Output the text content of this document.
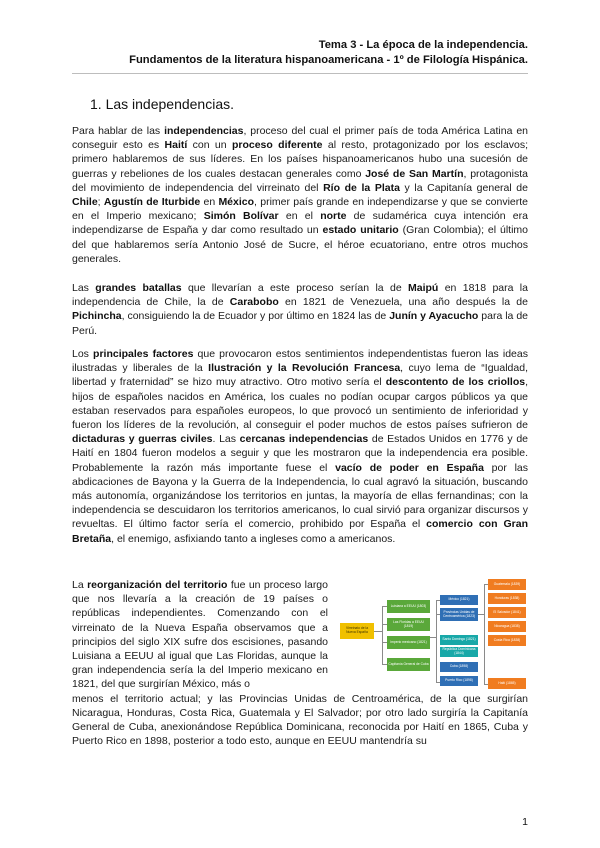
Tema 3 - La época de la independencia.
Fundamentos de la literatura hispanoamericana - 1º de Filología Hispánica.
1. Las independencias.

Para hablar de las independencias, proceso del cual el primer país de toda América Latina en conseguir esto es Haití con un proceso diferente al resto, protagonizado por los esclavos; primero hablaremos de sus líderes. En los países hispanoamericanos hubo una sucesión de guerras y rebeliones de los cuales destacan generales como José de San Martín, protagonista del movimiento de independencia del virreinato del Río de la Plata y la Capitanía general de Chile; Agustín de Iturbide en México, primer país grande en independizarse y que se convierte en el Imperio mexicano; Simón Bolívar en el norte de sudamérica cuya intención era independizarse de España y dar como resultado un estado unitario (Gran Colombia); el último del que hablaremos sería Antonio José de Sucre, el héroe ecuatoriano, entre otros muchos generales.

Las grandes batallas que llevarían a este proceso serían la de Maipú en 1818 para la independencia de Chile, la de Carabobo en 1821 de Venezuela, una año después la de Pichincha, consiguiendo la de Ecuador y por último en 1824 las de Junín y Ayacucho para la de Perú.

Los principales factores que provocaron estos sentimientos independentistas fueron las ideas ilustradas y liberales de la Ilustración y la Revolución Francesa, cuyo lema de “Igualdad, libertad y fraternidad” se hizo muy atractivo. Otro motivo sería el descontento de los criollos, hijos de españoles nacidos en América, los cuales no podían ocupar cargos públicos ya que estaban reservados para españoles europeos, lo que provocó un sentimiento de inferioridad y fueron los líderes de la revolución, al conseguir el poder muchos de estos países sufrieron de dictaduras y guerras civiles. Las cercanas independencias de Estados Unidos en 1776 y de Haití en 1804 fueron modelos a seguir y que les mostraron que la independencia era posible. Probablemente la razón más importante fuese el vacío de poder en España por las abdicaciones de Bayona y la Guerra de la Independencia, lo cual agravó la situación, buscando más autonomía, organizándose los territorios en juntas, la mayoría de ellas fernandinas; con la independencia se descuidaron los territorios americanos, lo cual sirvió para organizar discursos y revueltas. El último factor sería el comercio, prohibido por España el comercio con Gran Bretaña, el enemigo, asfixiando tanto a ingleses como a americanos.

La reorganización del territorio fue un proceso largo que nos llevaría a la creación de 19 países o repúblicas independientes. Comenzando con el virreinato de la Nueva España observamos que a principios del siglo XIX sufre dos escisiones, pasando Luisiana a EEUU al igual que Las Floridas, aunque la gran independencia sería la del Imperio mexicano en 1821, del que surgirían México, más o
menos el territorio actual; y las Provincias Unidas de Centroamérica, de la que surgirían Nicaragua, Honduras, Costa Rica, Guatemala y El Salvador; por otro lado surgiría la Capitanía General de Cuba, anexionándose República Dominicana, reconocida por Haití en 1865, Cuba y Puerto Rico en 1898, posterior a todo esto, aunque en EEUU mantendría su
Virreinato de la Nueva España
Luisiana a EEUU (1803)
Las Floridas a EEUU (1819)
Imperio mexicano (1821)
Capitanía General de Cuba
México (1821)
Provincias Unidas de Centroamérica (1823)
Santo Domingo (1821)
República Dominicana (1844)
Cuba (1898)
Puerto Rico (1898)
Guatemala (1839)
Honduras (1838)
El Salvador (1841)
Nicaragua (1838)
Costa Rica (1838)
Haití (1865)
1
